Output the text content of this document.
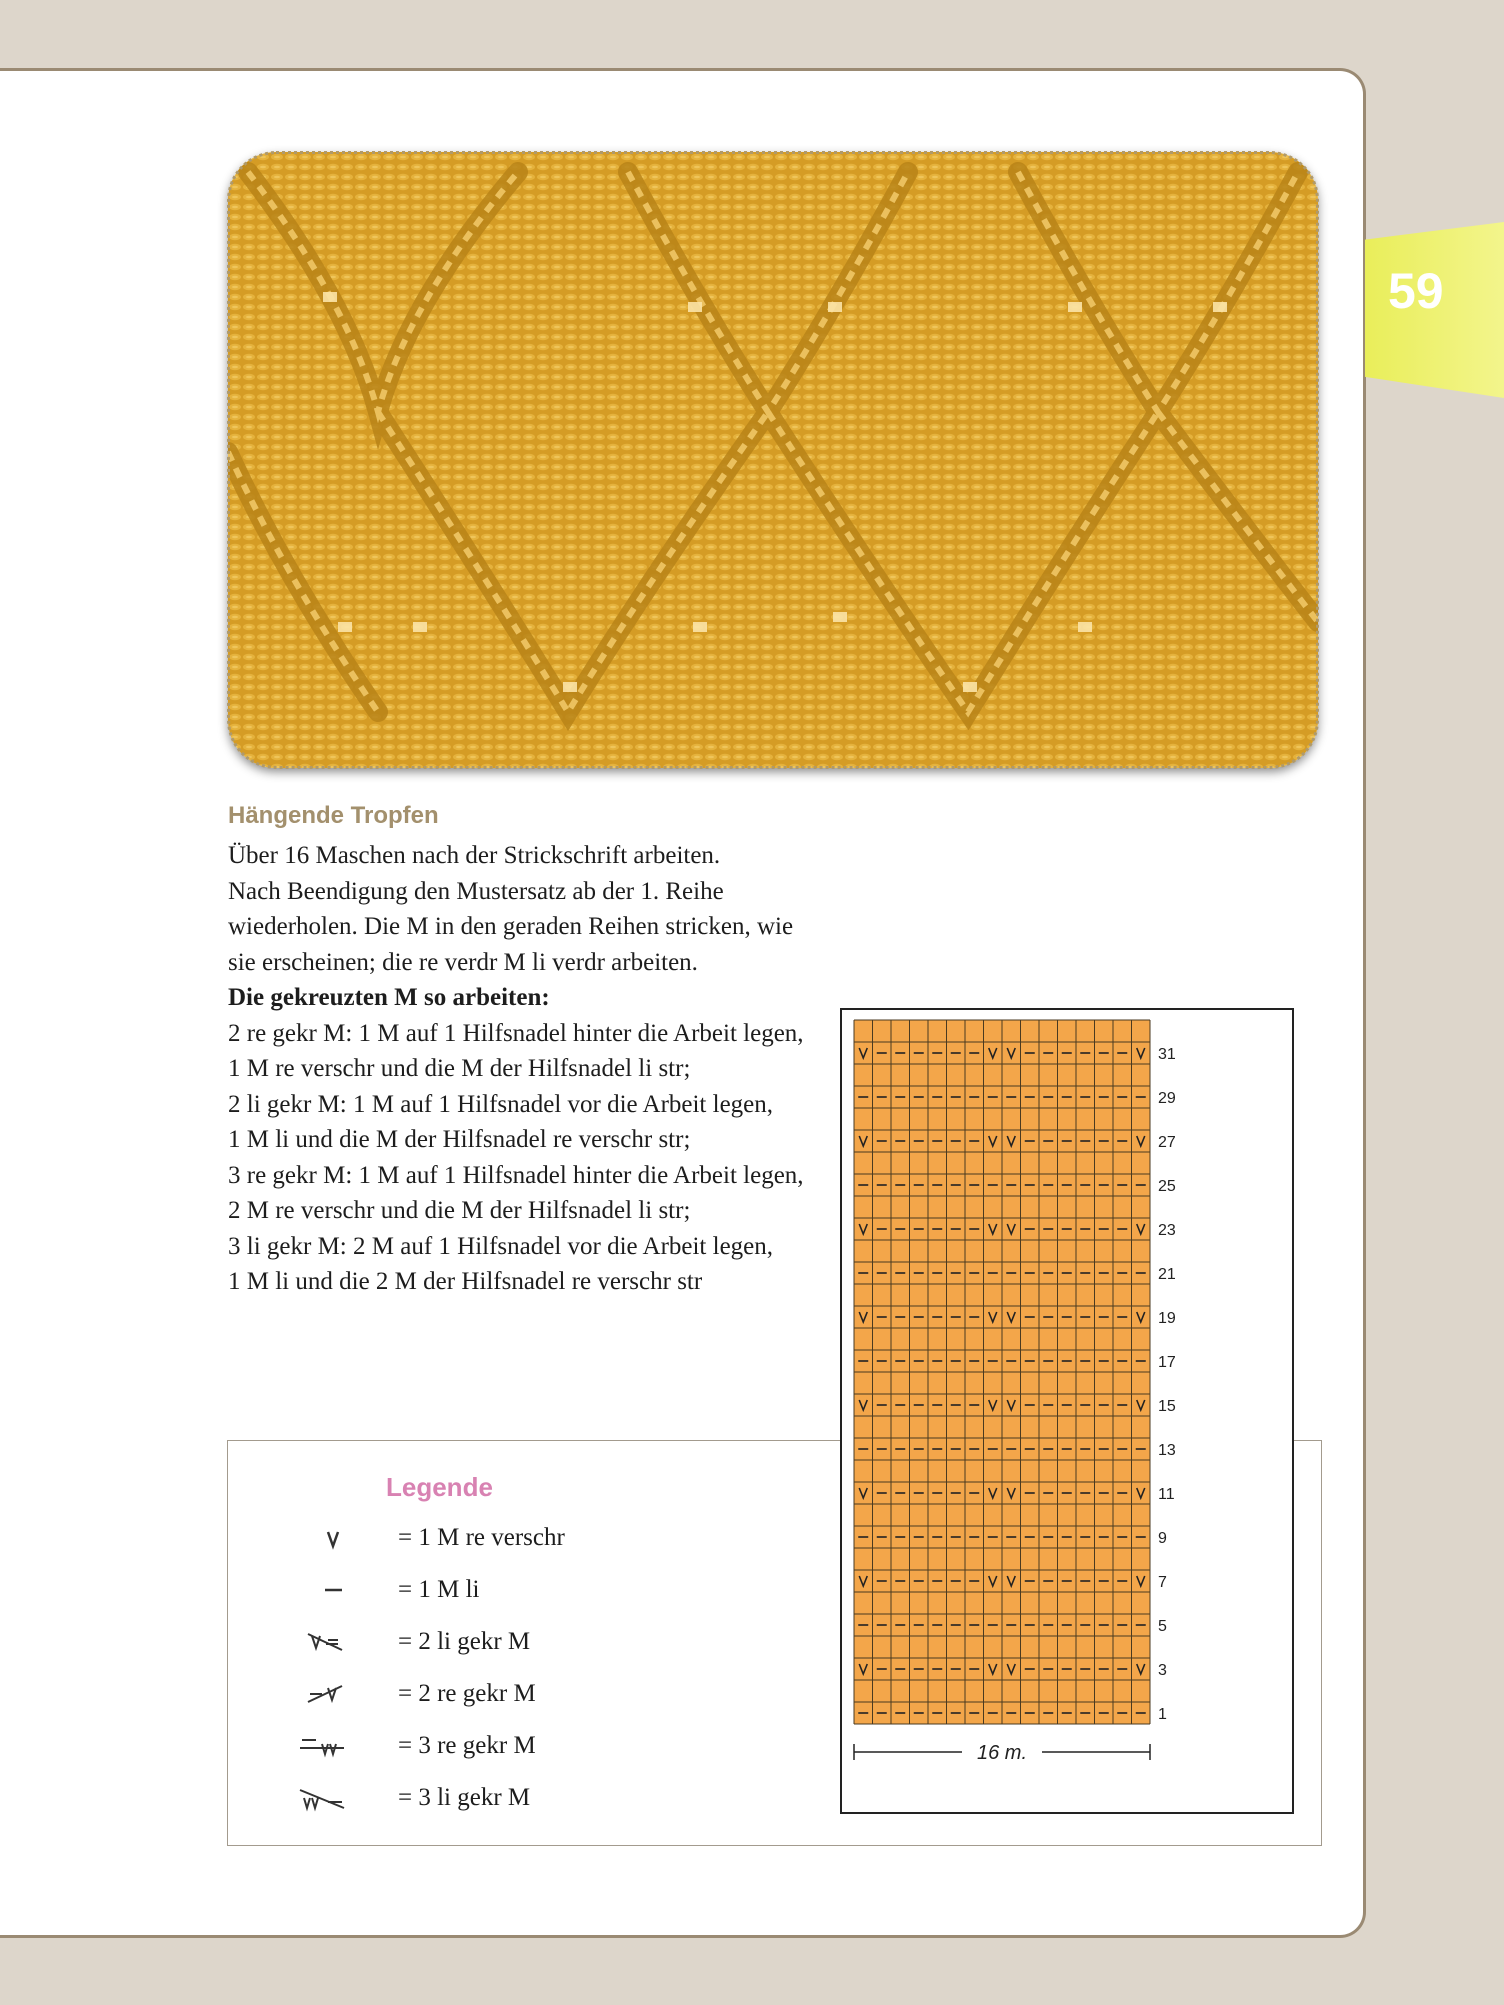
59
Hängende Tropfen
Über 16 Maschen nach der Strickschrift arbeiten.
Nach Beendigung den Mustersatz ab der 1. Reihe
wiederholen. Die M in den geraden Reihen stricken, wie
sie erscheinen; die re verdr M li verdr arbeiten.
Die gekreuzten M so arbeiten:
2 re gekr M: 1 M auf 1 Hilfsnadel hinter die Arbeit legen,
1 M re verschr und die M der Hilfsnadel li str;
2 li gekr M: 1 M auf 1 Hilfsnadel vor die Arbeit legen,
1 M li und die M der Hilfsnadel re verschr str;
3 re gekr M: 1 M auf 1 Hilfsnadel hinter die Arbeit legen,
2 M re verschr und die M der Hilfsnadel li str;
3 li gekr M: 2 M auf 1 Hilfsnadel vor die Arbeit legen,
1 M li und die 2 M der Hilfsnadel re verschr str
Legende
= 1 M re verschr
= 1 M li
= 2 li gekr M
= 2 re gekr M
= 3 re gekr M
= 3 li gekr M
31
29
27
25
23
21
19
17
15
13
11
9
7
5
3
1
16 m.
